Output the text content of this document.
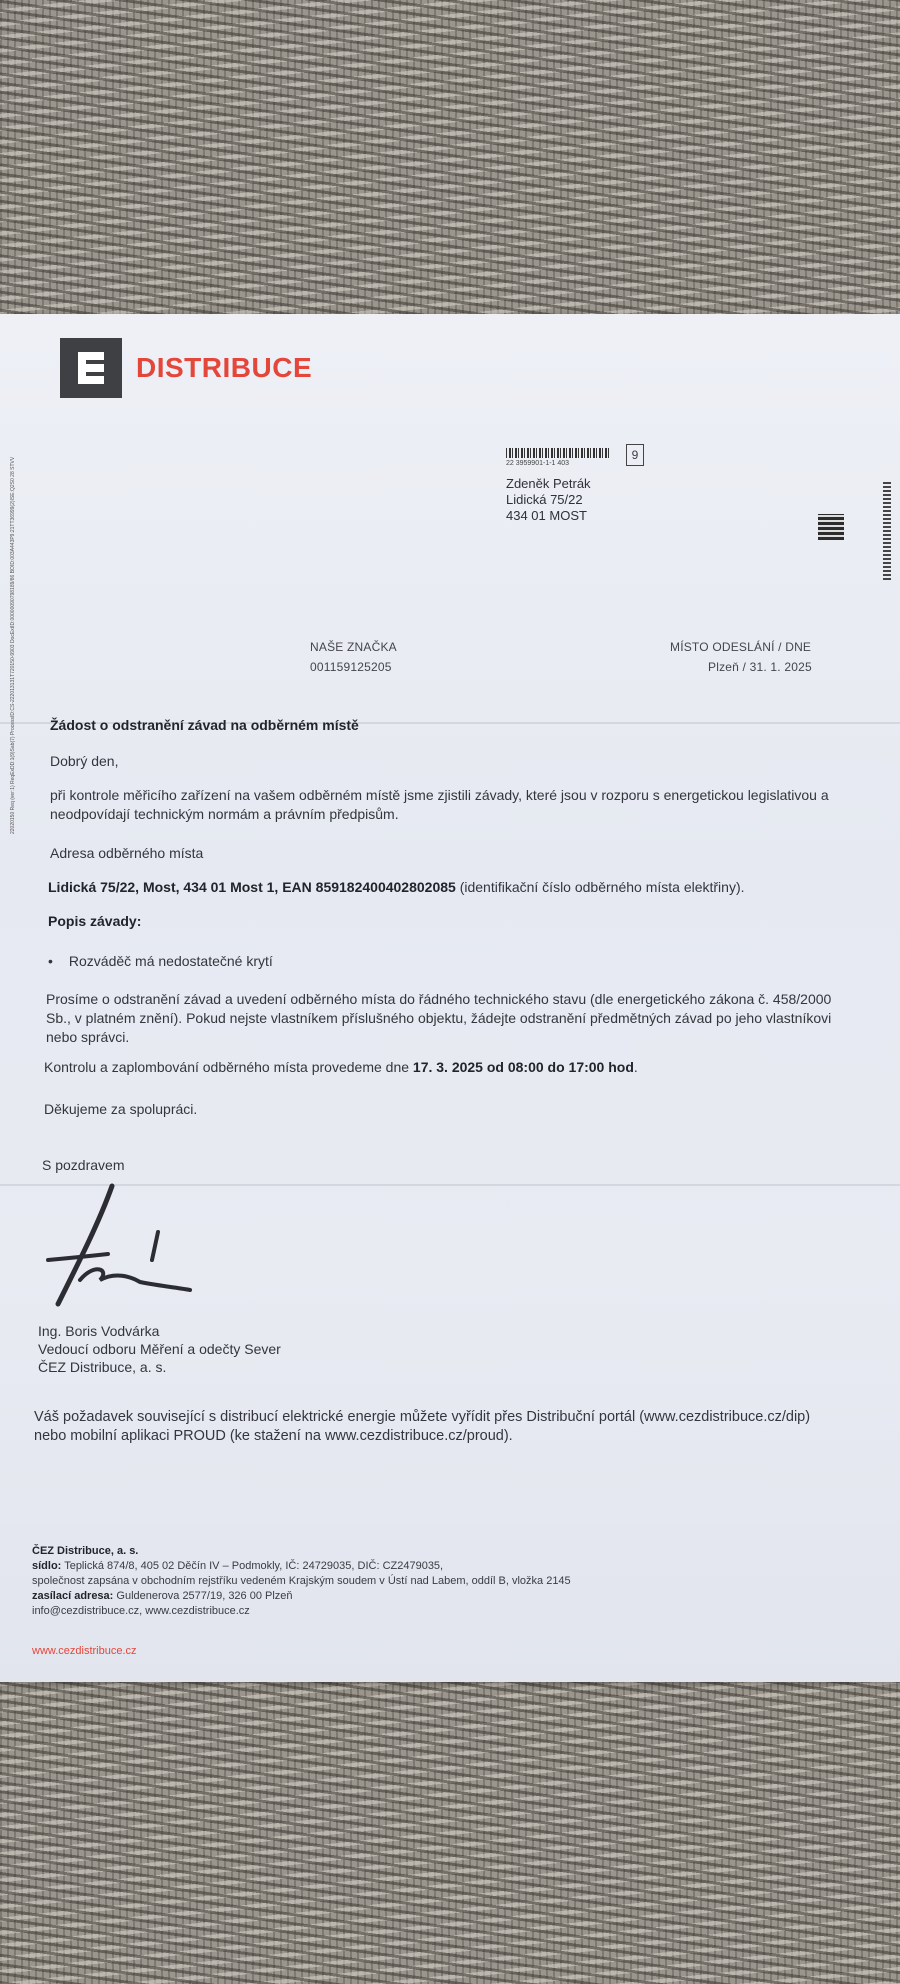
DISTRIBUCE
22020150 Req (ver:1) ReqExDD:1(9)Sab(7) ProcessID:CS-222013131T720150-9903 DocExtID:00000090798189/86 BOID:003A443P9:21TT36999(2)ISE:Q2S0 28 STVV	22 3959901-1-1 403
9
Zdeněk Petrák
Lidická 75/22
434 01 MOST
NAŠE ZNAČKA
001159125205
MÍSTO ODESLÁNÍ / DNE
Plzeň / 31. 1. 2025
Žádost o odstranění závad na odběrném místě
Dobrý den,
při kontrole měřicího zařízení na vašem odběrném místě jsme zjistili závady, které jsou v rozporu s energetickou legislativou a neodpovídají technickým normám a právním předpisům.
Adresa odběrného místa
Lidická 75/22, Most, 434 01 Most 1, EAN 859182400402802085 (identifikační číslo odběrného místa elektřiny).
Popis závady:
• Rozváděč má nedostatečné krytí
Prosíme o odstranění závad a uvedení odběrného místa do řádného technického stavu (dle energetického zákona č. 458/2000 Sb., v platném znění). Pokud nejste vlastníkem příslušného objektu, žádejte odstranění předmětných závad po jeho vlastníkovi nebo správci.
Kontrolu a zaplombování odběrného místa provedeme dne 17. 3. 2025 od 08:00 do 17:00 hod.
Děkujeme za spolupráci.
S pozdravem
Ing. Boris Vodvárka
Vedoucí odboru Měření a odečty Sever
ČEZ Distribuce, a. s.
Váš požadavek související s distribucí elektrické energie můžete vyřídit přes Distribuční portál (www.cezdistribuce.cz/dip) nebo mobilní aplikaci PROUD (ke stažení na www.cezdistribuce.cz/proud).
ČEZ Distribuce, a. s.
sídlo: Teplická 874/8, 405 02 Děčín IV – Podmokly, IČ: 24729035, DIČ: CZ2479035,
společnost zapsána v obchodním rejstříku vedeném Krajským soudem v Ústí nad Labem, oddíl B, vložka 2145
zasílací adresa: Guldenerova 2577/19, 326 00 Plzeň
info@cezdistribuce.cz, www.cezdistribuce.cz
www.cezdistribuce.cz
